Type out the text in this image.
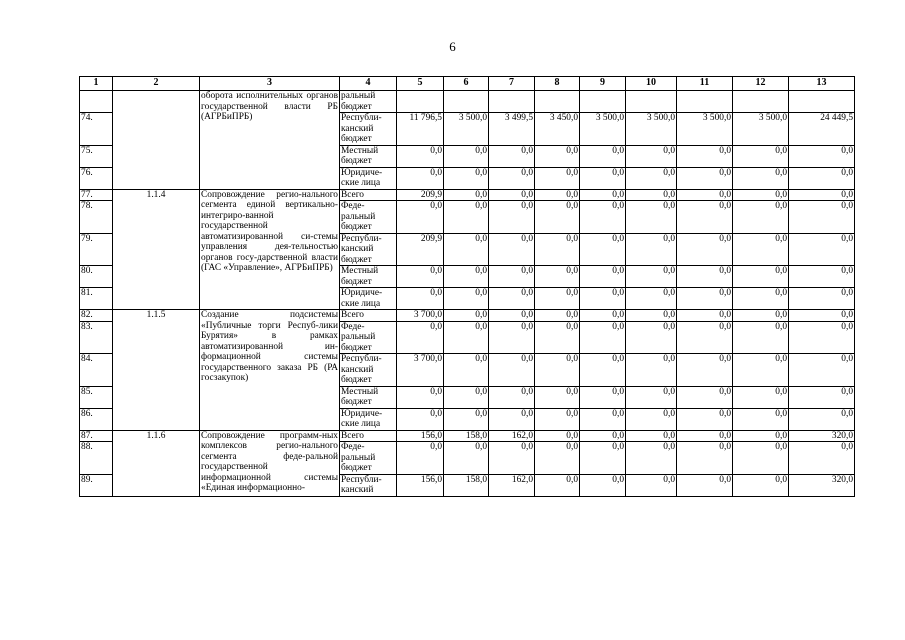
6
1	2	3	4	5	6	7	8	9	10	11	12	13
		оборота исполнительных органов государственной власти РБ (АГРБиПРБ)	ральный бюджет									
74.			Республи-канский бюджет	11 796,5	3 500,0	3 499,5	3 450,0	3 500,0	3 500,0	3 500,0	3 500,0	24 449,5
75.			Местный бюджет	0,0	0,0	0,0	0,0	0,0	0,0	0,0	0,0	0,0
76.			Юридиче-ские лица	0,0	0,0	0,0	0,0	0,0	0,0	0,0	0,0	0,0
77.	1.1.4	Сопровождение регио-нального сегмента единой вертикально-интегриро-ванной государственной автоматизированной си-стемы управления дея-тельностью органов госу-дарственной власти (ГАС «Управление», АГРБиПРБ)	Всего	209,9	0,0	0,0	0,0	0,0	0,0	0,0	0,0	0,0
78.			Феде-ральный бюджет	0,0	0,0	0,0	0,0	0,0	0,0	0,0	0,0	0,0
79.			Республи-канский бюджет	209,9	0,0	0,0	0,0	0,0	0,0	0,0	0,0	0,0
80.			Местный бюджет	0,0	0,0	0,0	0,0	0,0	0,0	0,0	0,0	0,0
81.			Юридиче-ские лица	0,0	0,0	0,0	0,0	0,0	0,0	0,0	0,0	0,0
82.	1.1.5	Создание подсистемы «Публичные торги Респуб-лики Бурятия» в рамках автоматизированной ин-формационной системы государственного заказа РБ (РА госзакупок)	Всего	3 700,0	0,0	0,0	0,0	0,0	0,0	0,0	0,0	0,0
83.			Феде-ральный бюджет	0,0	0,0	0,0	0,0	0,0	0,0	0,0	0,0	0,0
84.			Республи-канский бюджет	3 700,0	0,0	0,0	0,0	0,0	0,0	0,0	0,0	0,0
85.			Местный бюджет	0,0	0,0	0,0	0,0	0,0	0,0	0,0	0,0	0,0
86.			Юридиче-ские лица	0,0	0,0	0,0	0,0	0,0	0,0	0,0	0,0	0,0
87.	1.1.6	Сопровождение программ-ных комплексов регио-нального сегмента феде-ральной государственной информационной системы «Единая информационно-	Всего	156,0	158,0	162,0	0,0	0,0	0,0	0,0	0,0	320,0
88.			Феде-ральный бюджет	0,0	0,0	0,0	0,0	0,0	0,0	0,0	0,0	0,0
89.			Республи-канский	156,0	158,0	162,0	0,0	0,0	0,0	0,0	0,0	320,0
